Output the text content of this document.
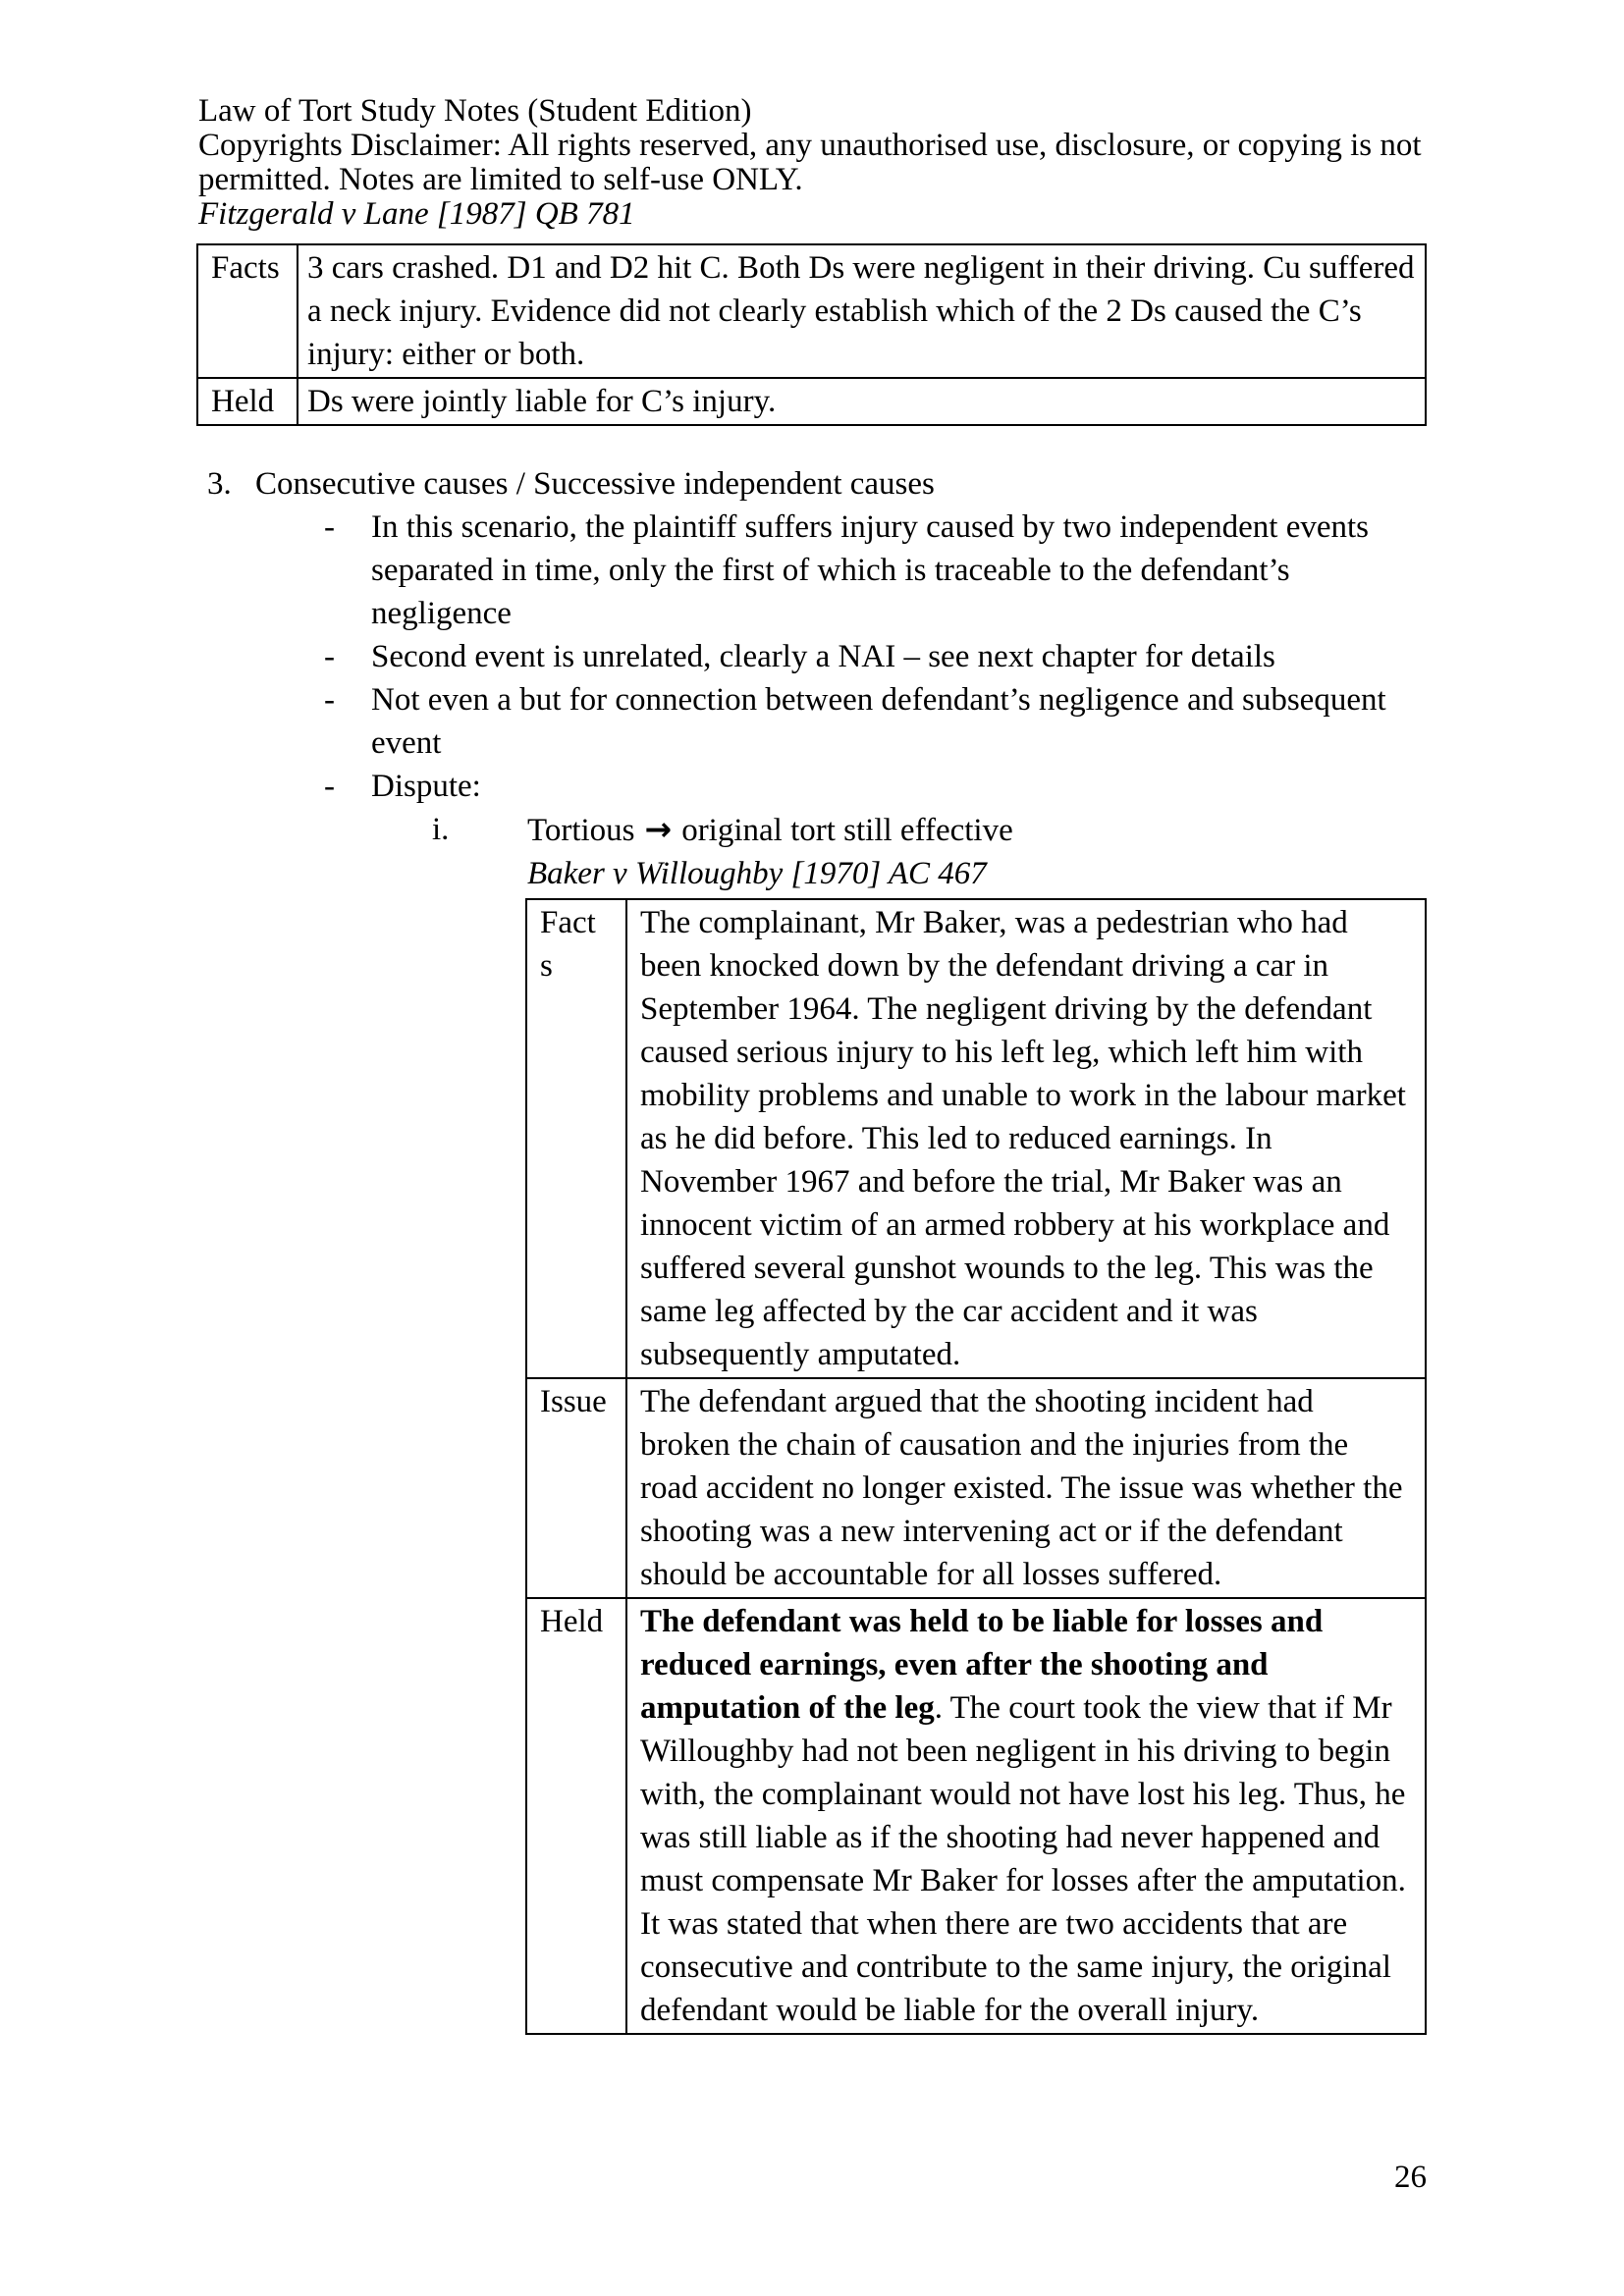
Law of Tort Study Notes (Student Edition)
Copyrights Disclaimer: All rights reserved, any unauthorised use, disclosure, or copying is not
permitted. Notes are limited to self-use ONLY.
Fitzgerald v Lane [1987] QB 781
Facts	3 cars crashed. D1 and D2 hit C. Both Ds were negligent in their driving. Cu suffered a neck injury. Evidence did not clearly establish which of the 2 Ds caused the C’s injury: either or both.
Held	Ds were jointly liable for C’s injury.
3. Consecutive causes / Successive independent causes
-	In this scenario, the plaintiff suffers injury caused by two independent events separated in time, only the first of which is traceable to the defendant’s negligence
-	Second event is unrelated, clearly a NAI – see next chapter for details
-	Not even a but for connection between defendant’s negligence and subsequent event
-	Dispute:
i.	Tortious → original tort still effective
Baker v Willoughby [1970] AC 467
Facts	The complainant, Mr Baker, was a pedestrian who had been knocked down by the defendant driving a car in September 1964. The negligent driving by the defendant caused serious injury to his left leg, which left him with mobility problems and unable to work in the labour market as he did before. This led to reduced earnings. In November 1967 and before the trial, Mr Baker was an innocent victim of an armed robbery at his workplace and suffered several gunshot wounds to the leg. This was the same leg affected by the car accident and it was subsequently amputated.
Issue	The defendant argued that the shooting incident had broken the chain of causation and the injuries from the road accident no longer existed. The issue was whether the shooting was a new intervening act or if the defendant should be accountable for all losses suffered.
Held	The defendant was held to be liable for losses and reduced earnings, even after the shooting and amputation of the leg. The court took the view that if Mr Willoughby had not been negligent in his driving to begin with, the complainant would not have lost his leg. Thus, he was still liable as if the shooting had never happened and must compensate Mr Baker for losses after the amputation. It was stated that when there are two accidents that are consecutive and contribute to the same injury, the original defendant would be liable for the overall injury.
26
